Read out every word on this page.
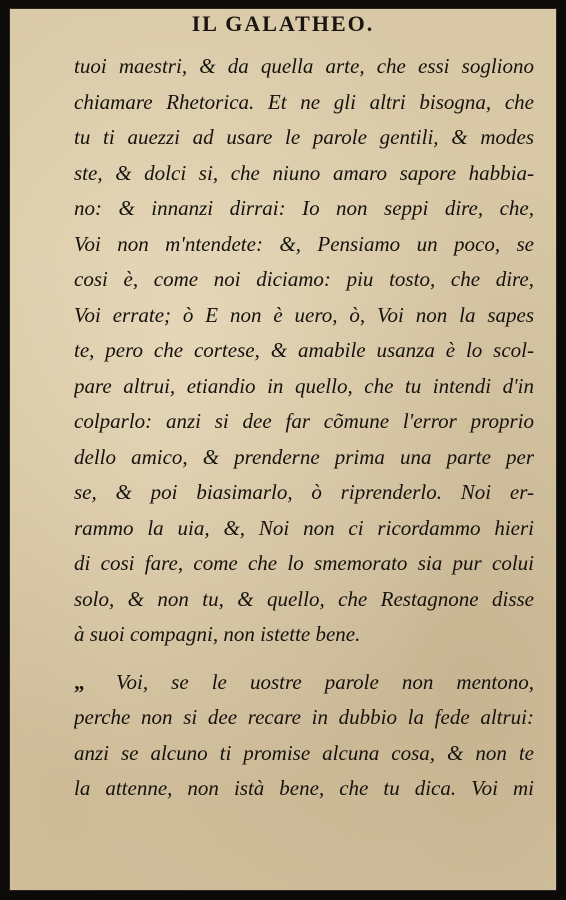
IL GALATHEO.
tuoi maestri, & da quella arte, che essi sogliono
chiamare Rhetorica. Et ne gli altri bisogna, che
tu ti auezzi ad usare le parole gentili, & modes
ste, & dolci si, che niuno amaro sapore habbia-
no: & innanzi dirrai: Io non seppi dire, che,
Voi non m'ntendete: &, Pensiamo un poco, se
cosi è, come noi diciamo: piu tosto, che dire,
Voi errate; ò E non è uero, ò, Voi non la sapes
te, pero che cortese, & amabile usanza è lo scol-
pare altrui, etiandio in quello, che tu intendi d'in
colparlo: anzi si dee far cõmune l'error proprio
dello amico, & prenderne prima una parte per
se, & poi biasimarlo, ò riprenderlo. Noi er-
rammo la uia, &, Noi non ci ricordammo hieri
di cosi fare, come che lo smemorato sia pur colui
solo, & non tu, & quello, che Restagnone disse
à suoi compagni, non istette bene.
„ Voi, se le uostre parole non mentono,
perche non si dee recare in dubbio la fede altrui:
anzi se alcuno ti promise alcuna cosa, & non te
la attenne, non istà bene, che tu dica. Voi mi
